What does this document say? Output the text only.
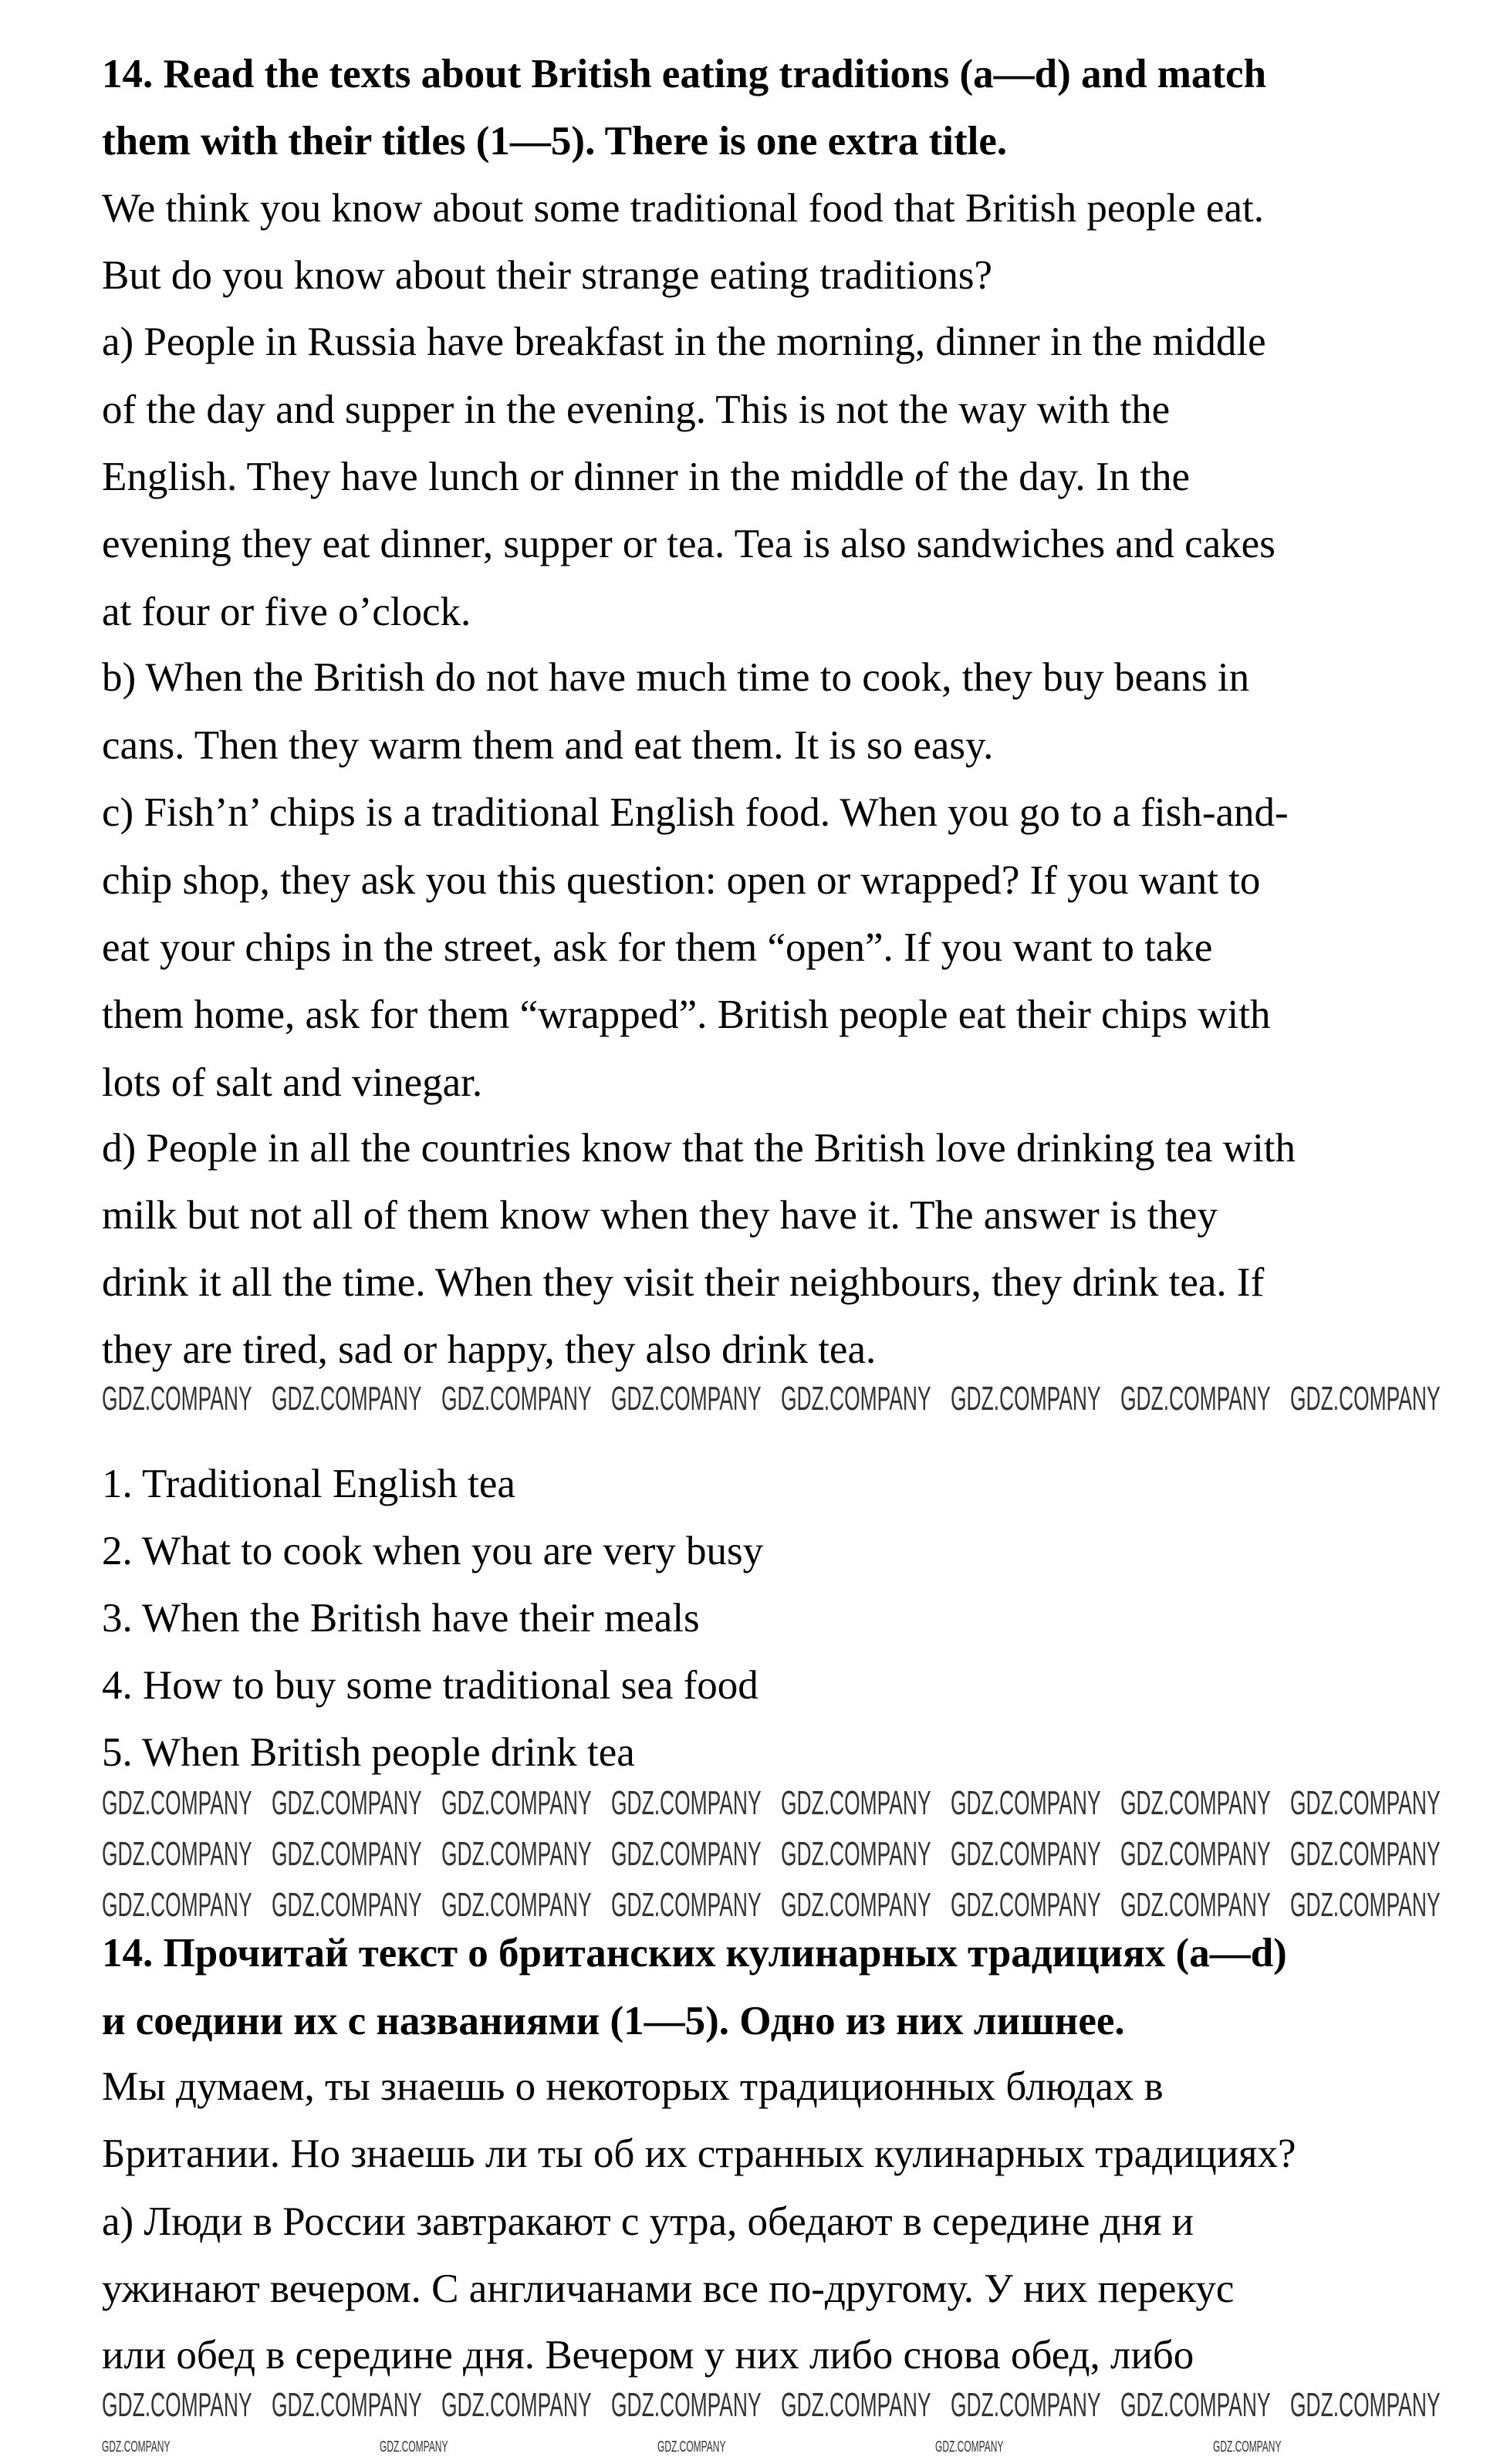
14. Read the texts about British eating traditions (a—d) and match
them with their titles (1—5). There is one extra title.
We think you know about some traditional food that British people eat.
But do you know about their strange eating traditions?
a) People in Russia have breakfast in the morning, dinner in the middle
of the day and supper in the evening. This is not the way with the
English. They have lunch or dinner in the middle of the day. In the
evening they eat dinner, supper or tea. Tea is also sandwiches and cakes
at four or five o’clock.
b) When the British do not have much time to cook, they buy beans in
cans. Then they warm them and eat them. It is so easy.
c) Fish’n’ chips is a traditional English food. When you go to a fish-and-
chip shop, they ask you this question: open or wrapped? If you want to
eat your chips in the street, ask for them “open”. If you want to take
them home, ask for them “wrapped”. British people eat their chips with
lots of salt and vinegar.
d) People in all the countries know that the British love drinking tea with
milk but not all of them know when they have it. The answer is they
drink it all the time. When they visit their neighbours, they drink tea. If
they are tired, sad or happy, they also drink tea.
1. Traditional English tea
2. What to cook when you are very busy
3. When the British have their meals
4. How to buy some traditional sea food
5. When British people drink tea
14. Прочитай текст о британских кулинарных традициях (a—d)
и соедини их с названиями (1—5). Одно из них лишнее.
Мы думаем, ты знаешь о некоторых традиционных блюдах в
Британии. Но знаешь ли ты об их странных кулинарных традициях?
а) Люди в России завтракают с утра, обедают в середине дня и
ужинают вечером. С англичанами все по-другому. У них перекус
или обед в середине дня. Вечером у них либо снова обед, либо
GDZ.COMPANY GDZ.COMPANY GDZ.COMPANY GDZ.COMPANY GDZ.COMPANY GDZ.COMPANY GDZ.COMPANY GDZ.COMPANY
GDZ.COMPANY GDZ.COMPANY GDZ.COMPANY GDZ.COMPANY GDZ.COMPANY GDZ.COMPANY GDZ.COMPANY GDZ.COMPANY
GDZ.COMPANY GDZ.COMPANY GDZ.COMPANY GDZ.COMPANY GDZ.COMPANY GDZ.COMPANY GDZ.COMPANY GDZ.COMPANY
GDZ.COMPANY GDZ.COMPANY GDZ.COMPANY GDZ.COMPANY GDZ.COMPANY GDZ.COMPANY GDZ.COMPANY GDZ.COMPANY
GDZ.COMPANY GDZ.COMPANY GDZ.COMPANY GDZ.COMPANY GDZ.COMPANY GDZ.COMPANY GDZ.COMPANY GDZ.COMPANY
GDZ.COMPANY	GDZ.COMPANY	GDZ.COMPANY	GDZ.COMPANY	GDZ.COMPANY
